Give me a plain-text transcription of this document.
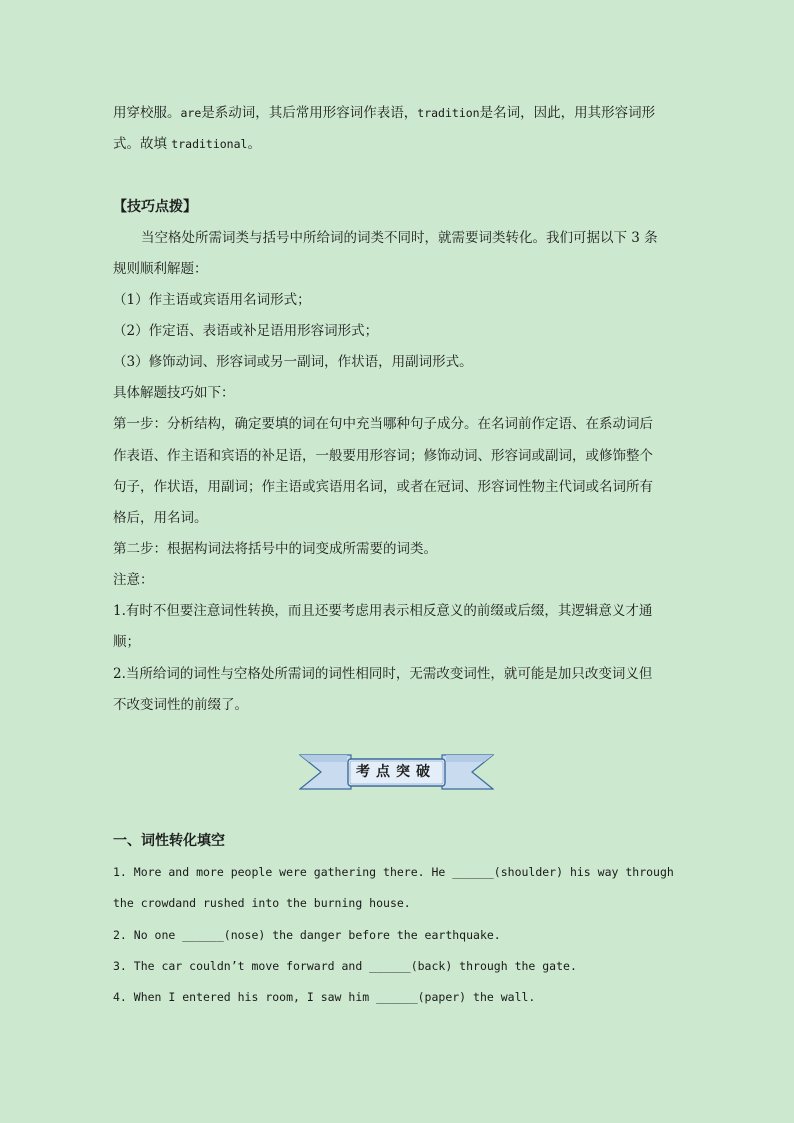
用穿校服。are是系动词，其后常用形容词作表语，tradition是名词，因此，用其形容词形
式。故填 traditional。
【技巧点拨】
当空格处所需词类与括号中所给词的词类不同时，就需要词类转化。我们可据以下 3 条
规则顺利解题：
（1）作主语或宾语用名词形式；
（2）作定语、表语或补足语用形容词形式；
（3）修饰动词、形容词或另一副词，作状语，用副词形式。
具体解题技巧如下：
第一步：分析结构，确定要填的词在句中充当哪种句子成分。在名词前作定语、在系动词后
作表语、作主语和宾语的补足语，一般要用形容词；修饰动词、形容词或副词，或修饰整个
句子，作状语，用副词；作主语或宾语用名词，或者在冠词、形容词性物主代词或名词所有
格后，用名词。
第二步：根据构词法将括号中的词变成所需要的词类。
注意：
1.有时不但要注意词性转换，而且还要考虑用表示相反意义的前缀或后缀，其逻辑意义才通
顺；
2.当所给词的词性与空格处所需词的词性相同时，无需改变词性，就可能是加只改变词义但
不改变词性的前缀了。
考点突破
一、词性转化填空
1. More and more people were gathering there. He ______(shoulder) his way through
the crowdand rushed into the burning house.
2. No one ______(nose) the danger before the earthquake.
3. The car couldn’t move forward and ______(back) through the gate.
4. When I entered his room, I saw him ______(paper) the wall.
